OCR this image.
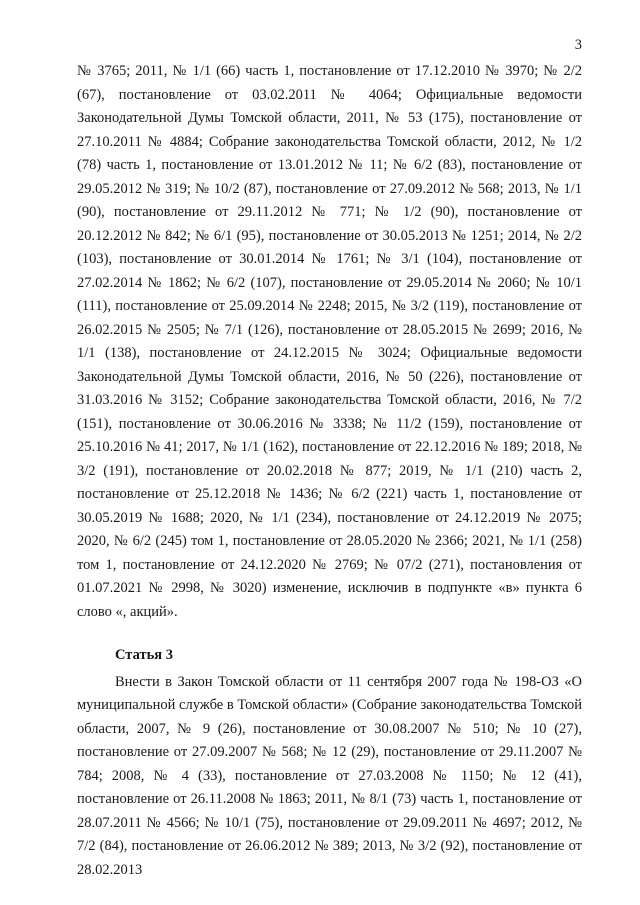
3

№ 3765; 2011, № 1/1 (66) часть 1, постановление от 17.12.2010 № 3970; № 2/2 (67), постановление от 03.02.2011 № 4064; Официальные ведомости Законодательной Думы Томской области, 2011, № 53 (175), постановление от 27.10.2011 № 4884; Собрание законодательства Томской области, 2012, № 1/2 (78) часть 1, постановление от 13.01.2012 № 11; № 6/2 (83), постановление от 29.05.2012 № 319; № 10/2 (87), постановление от 27.09.2012 № 568; 2013, № 1/1 (90), постановление от 29.11.2012 № 771; № 1/2 (90), постановление от 20.12.2012 № 842; № 6/1 (95), постановление от 30.05.2013 № 1251; 2014, № 2/2 (103), постановление от 30.01.2014 № 1761; № 3/1 (104), постановление от 27.02.2014 № 1862; № 6/2 (107), постановление от 29.05.2014 № 2060; № 10/1 (111), постановление от 25.09.2014 № 2248; 2015, № 3/2 (119), постановление от 26.02.2015 № 2505; № 7/1 (126), постановление от 28.05.2015 № 2699; 2016, № 1/1 (138), постановление от 24.12.2015 № 3024; Официальные ведомости Законодательной Думы Томской области, 2016, № 50 (226), постановление от 31.03.2016 № 3152; Собрание законодательства Томской области, 2016, № 7/2 (151), постановление от 30.06.2016 № 3338; № 11/2 (159), постановление от 25.10.2016 № 41; 2017, № 1/1 (162), постановление от 22.12.2016 № 189; 2018, № 3/2 (191), постановление от 20.02.2018 № 877; 2019, № 1/1 (210) часть 2, постановление от 25.12.2018 № 1436; № 6/2 (221) часть 1, постановление от 30.05.2019 № 1688; 2020, № 1/1 (234), постановление от 24.12.2019 № 2075; 2020, № 6/2 (245) том 1, постановление от 28.05.2020 № 2366; 2021, № 1/1 (258) том 1, постановление от 24.12.2020 № 2769; № 07/2 (271), постановления от 01.07.2021 № 2998, № 3020) изменение, исключив в подпункте «в» пункта 6 слово «, акций».

Статья 3

Внести в Закон Томской области от 11 сентября 2007 года № 198-ОЗ «О муниципальной службе в Томской области» (Собрание законодательства Томской области, 2007, № 9 (26), постановление от 30.08.2007 № 510; № 10 (27), постановление от 27.09.2007 № 568; № 12 (29), постановление от 29.11.2007 № 784; 2008, № 4 (33), постановление от 27.03.2008 № 1150; № 12 (41), постановление от 26.11.2008 № 1863; 2011, № 8/1 (73) часть 1, постановление от 28.07.2011 № 4566; № 10/1 (75), постановление от 29.09.2011 № 4697; 2012, № 7/2 (84), постановление от 26.06.2012 № 389; 2013, № 3/2 (92), постановление от 28.02.2013
